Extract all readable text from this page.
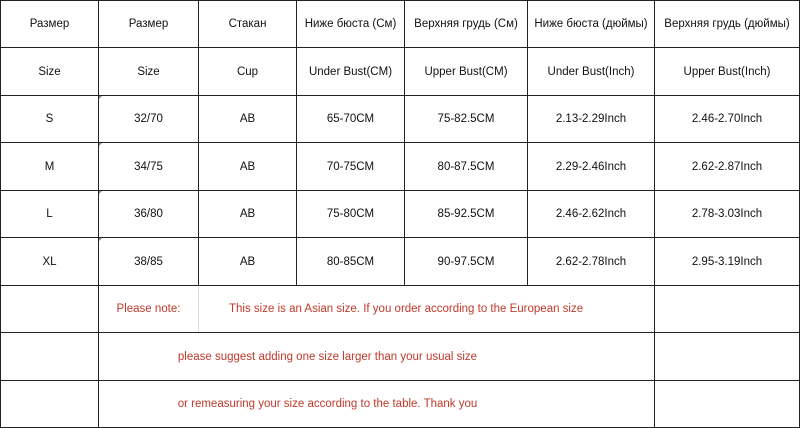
Размер	Размер	Стакан	Ниже бюста (См)	Верхняя грудь (См)	Ниже бюста (дюймы)	Верхняя грудь (дюймы)
Size	Size	Cup	Under Bust(CM)	Upper Bust(CM)	Under Bust(Inch)	Upper Bust(Inch)
S	32/70	AB	65-70CM	75-82.5CM	2.13-2.29Inch	2.46-2.70Inch
M	34/75	AB	70-75CM	80-87.5CM	2.29-2.46Inch	2.62-2.87Inch
L	36/80	AB	75-80CM	85-92.5CM	2.46-2.62Inch	2.78-3.03Inch
XL	38/85	AB	80-85CM	90-97.5CM	2.62-2.78Inch	2.95-3.19Inch
Please note:	This size is an Asian size. If you order according to the European size
please suggest adding one size larger than your usual size
or remeasuring your size according to the table. Thank you
